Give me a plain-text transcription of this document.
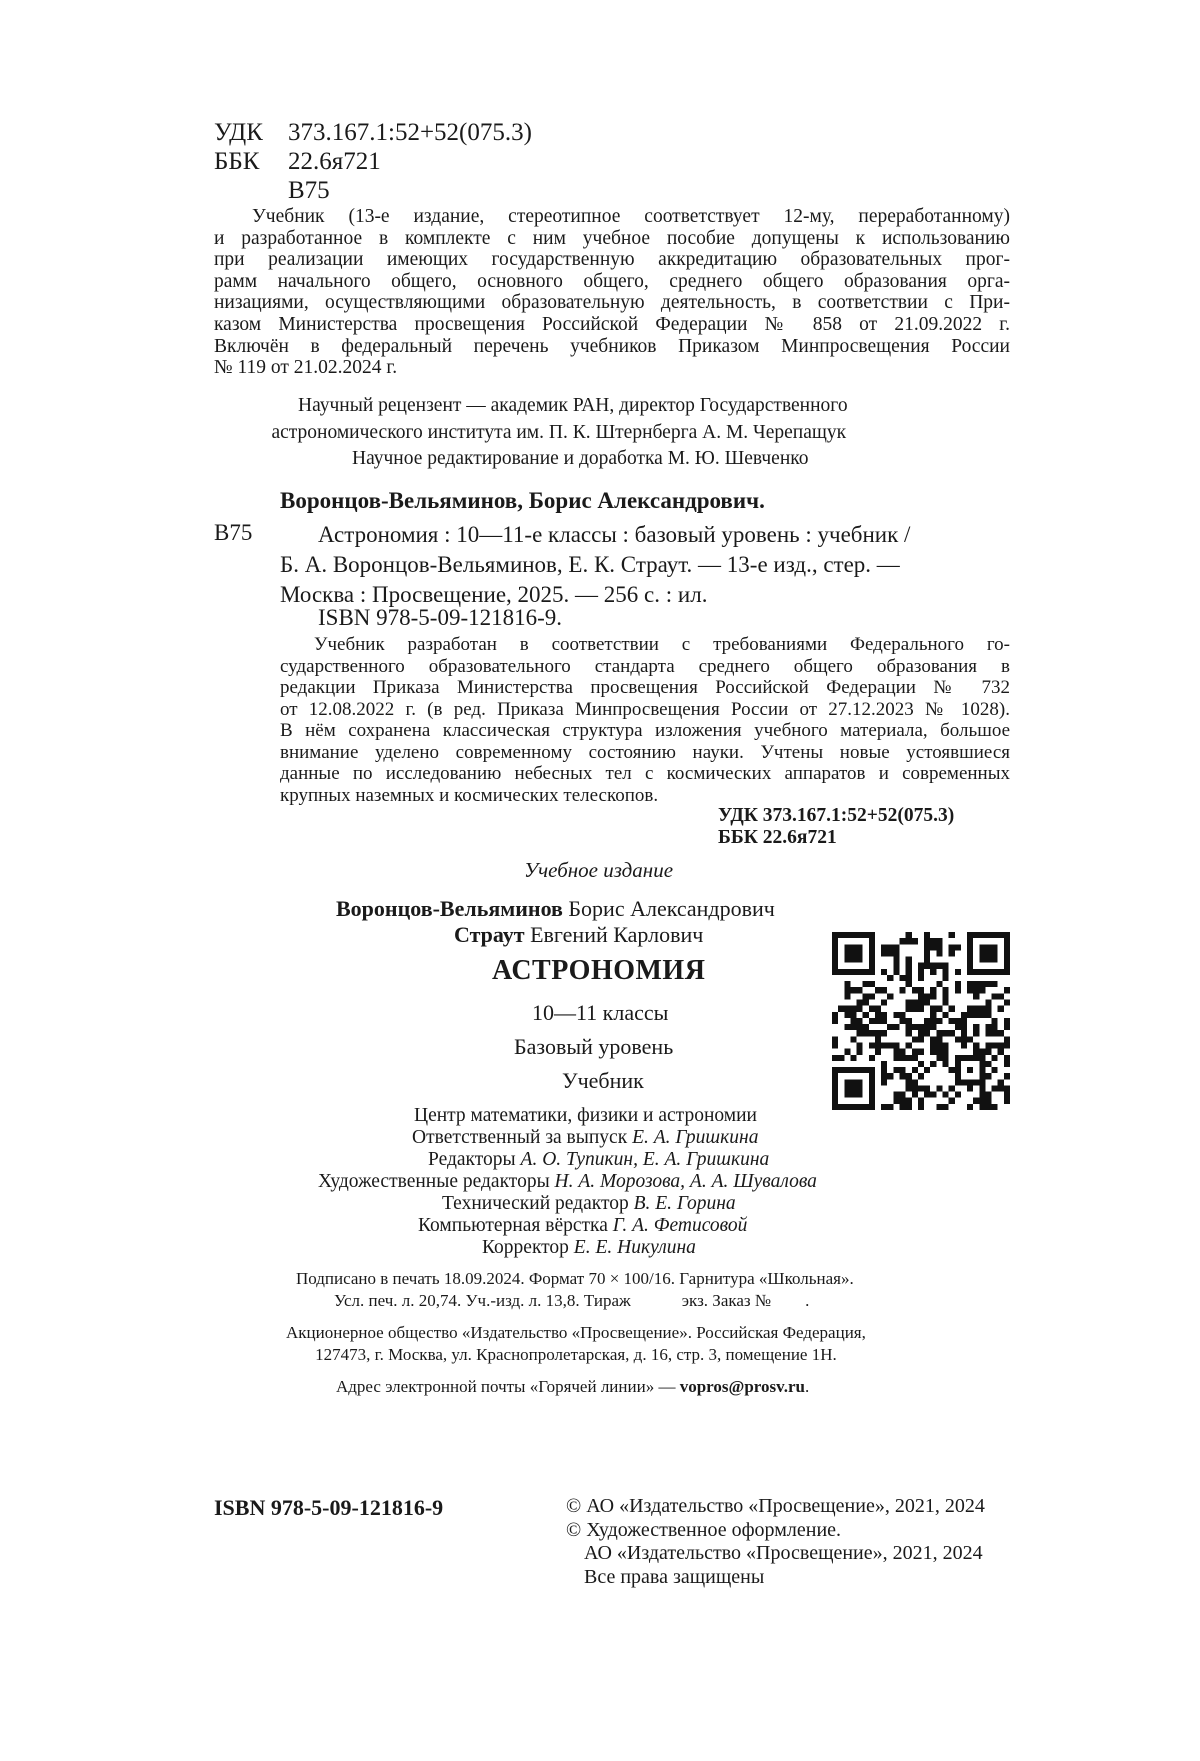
УДК 373.167.1:52+52(075.3)
ББК 22.6я721
В75
Учебник (13-е издание, стереотипное соответствует 12-му, переработанному)
и разработанное в комплекте с ним учебное пособие допущены к использованию
при реализации имеющих государственную аккредитацию образовательных прог-
рамм начального общего, основного общего, среднего общего образования орга-
низациями, осуществляющими образовательную деятельность, в соответствии с При-
казом Министерства просвещения Российской Федерации № 858 от 21.09.2022 г.
Включён в федеральный перечень учебников Приказом Минпросвещения России
№ 119 от 21.02.2024 г.
Научный рецензент — академик РАН, директор Государственного
астрономического института им. П. К. Штернберга А. М. Черепащук
Научное редактирование и доработка М. Ю. Шевченко
Воронцов-Вельяминов, Борис Александрович.
В75	Астрономия : 10—11-е классы : базовый уровень : учебник /
Б. А. Воронцов-Вельяминов, Е. К. Страут. — 13-е изд., стер. —
Москва : Просвещение, 2025. — 256 с. : ил.
ISBN 978-5-09-121816-9.
Учебник разработан в соответствии с требованиями Федерального го-
сударственного образовательного стандарта среднего общего образования в
редакции Приказа Министерства просвещения Российской Федерации № 732
от 12.08.2022 г. (в ред. Приказа Минпросвещения России от 27.12.2023 № 1028).
В нём сохранена классическая структура изложения учебного материала, большое
внимание уделено современному состоянию науки. Учтены новые устоявшиеся
данные по исследованию небесных тел с космических аппаратов и современных
крупных наземных и космических телескопов.
УДК 373.167.1:52+52(075.3)
ББК 22.6я721
Учебное издание
Воронцов-Вельяминов Борис Александрович
Страут Евгений Карлович
АСТРОНОМИЯ
10—11 классы
Базовый уровень
Учебник
Центр математики, физики и астрономии
Ответственный за выпуск Е. А. Гришкина
Редакторы А. О. Тупикин, Е. А. Гришкина
Художественные редакторы Н. А. Морозова, А. А. Шувалова
Технический редактор В. Е. Горина
Компьютерная вёрстка Г. А. Фетисовой
Корректор Е. Е. Никулина
Подписано в печать 18.09.2024. Формат 70 × 100/16. Гарнитура «Школьная».
Усл. печ. л. 20,74. Уч.-изд. л. 13,8. Тираж            экз. Заказ №        .
Акционерное общество «Издательство «Просвещение». Российская Федерация,
127473, г. Москва, ул. Краснопролетарская, д. 16, стр. 3, помещение 1Н.
Адрес электронной почты «Горячей линии» — vopros@prosv.ru.
ISBN 978-5-09-121816-9	© АО «Издательство «Просвещение», 2021, 2024
© Художественное оформление.
АО «Издательство «Просвещение», 2021, 2024
Все права защищены
